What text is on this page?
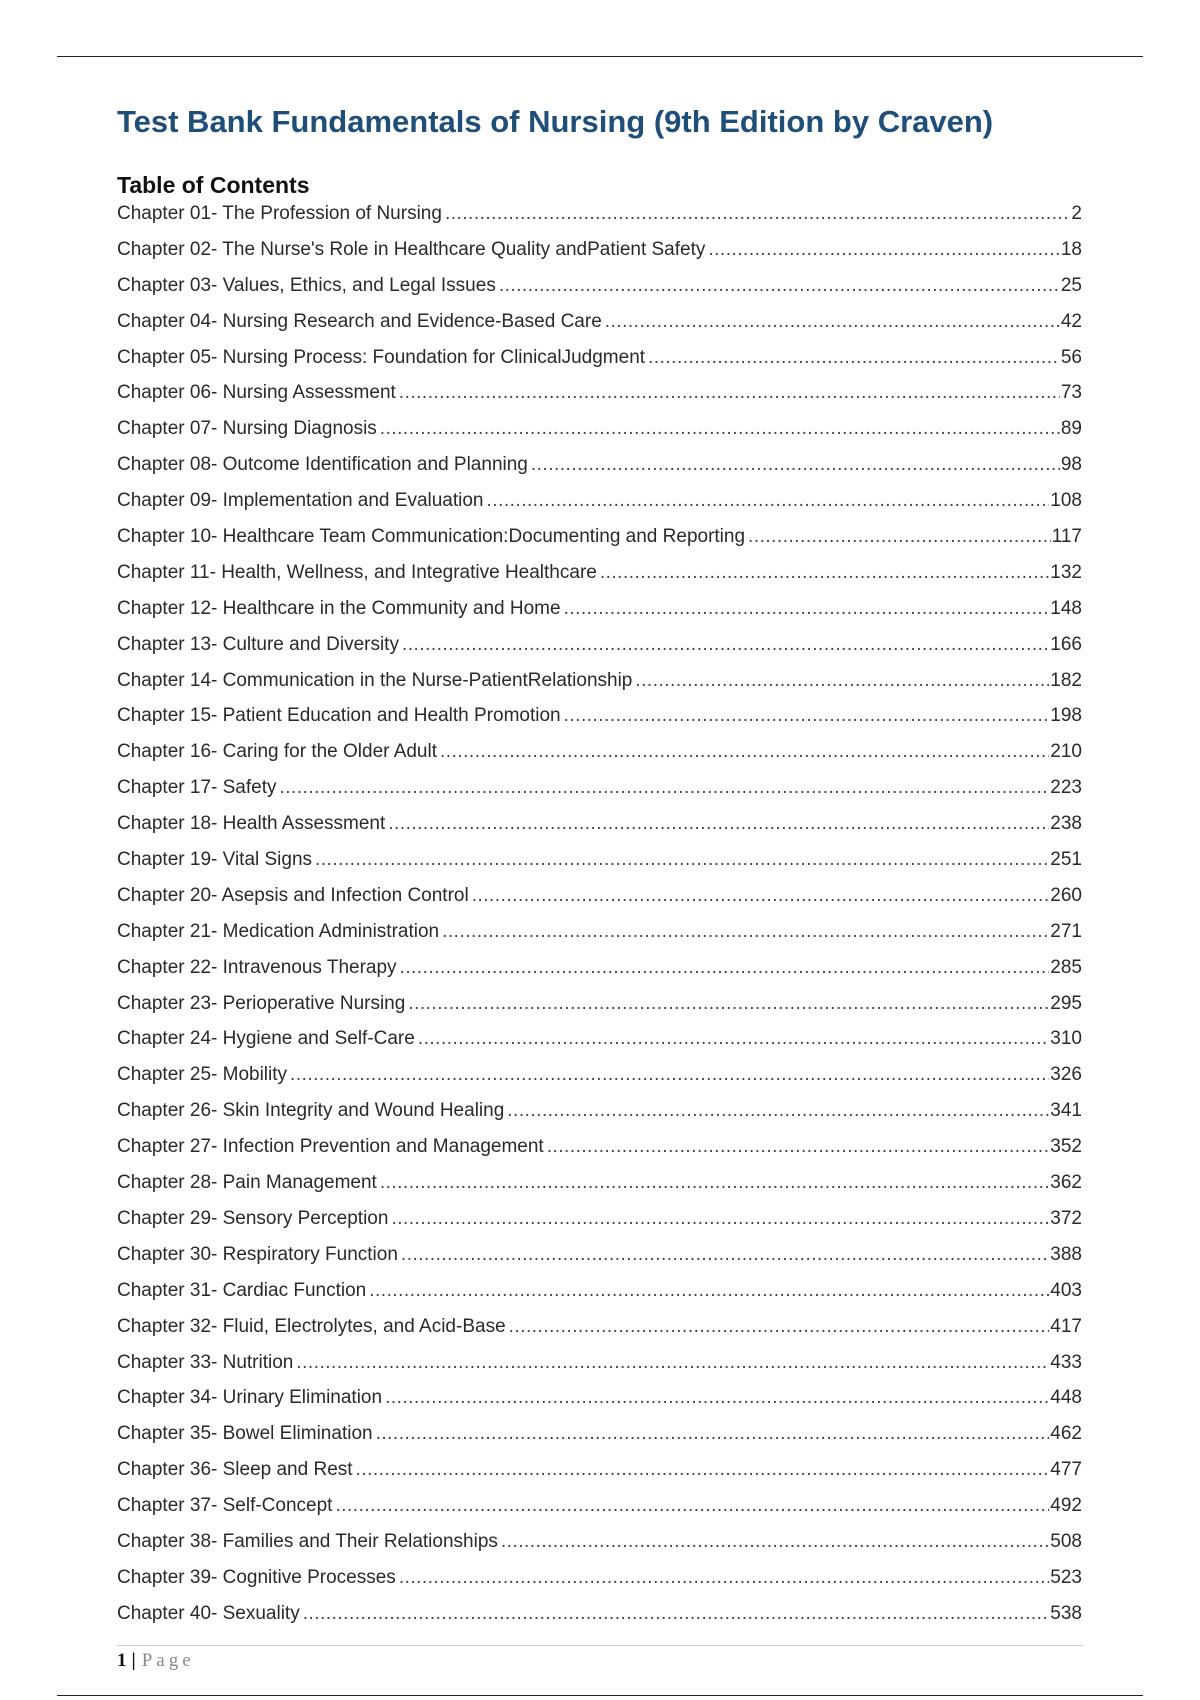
Test Bank Fundamentals of Nursing (9th Edition by Craven)
Table of Contents
Chapter 01- The Profession of Nursing .....	2
Chapter 02- The Nurse's Role in Healthcare Quality andPatient Safety .....	18
Chapter 03- Values, Ethics, and Legal Issues .....	25
Chapter 04- Nursing Research and Evidence-Based Care .....	42
Chapter 05- Nursing Process: Foundation for ClinicalJudgment .....	56
Chapter 06- Nursing Assessment .....	73
Chapter 07- Nursing Diagnosis .....	89
Chapter 08- Outcome Identification and Planning .....	98
Chapter 09- Implementation and Evaluation .....	108
Chapter 10- Healthcare Team Communication:Documenting and Reporting .....	117
Chapter 11- Health, Wellness, and Integrative Healthcare .....	132
Chapter 12- Healthcare in the Community and Home .....	148
Chapter 13- Culture and Diversity .....	166
Chapter 14- Communication in the Nurse-PatientRelationship .....	182
Chapter 15- Patient Education and Health Promotion .....	198
Chapter 16- Caring for the Older Adult .....	210
Chapter 17- Safety .....	223
Chapter 18- Health Assessment .....	238
Chapter 19- Vital Signs .....	251
Chapter 20- Asepsis and Infection Control .....	260
Chapter 21- Medication Administration .....	271
Chapter 22- Intravenous Therapy .....	285
Chapter 23- Perioperative Nursing .....	295
Chapter 24- Hygiene and Self-Care .....	310
Chapter 25- Mobility .....	326
Chapter 26- Skin Integrity and Wound Healing .....	341
Chapter 27- Infection Prevention and Management .....	352
Chapter 28- Pain Management .....	362
Chapter 29- Sensory Perception .....	372
Chapter 30- Respiratory Function .....	388
Chapter 31- Cardiac Function .....	403
Chapter 32- Fluid, Electrolytes, and Acid-Base .....	417
Chapter 33- Nutrition .....	433
Chapter 34- Urinary Elimination .....	448
Chapter 35- Bowel Elimination .....	462
Chapter 36- Sleep and Rest .....	477
Chapter 37- Self-Concept .....	492
Chapter 38- Families and Their Relationships .....	508
Chapter 39- Cognitive Processes .....	523
Chapter 40- Sexuality .....	538
1 | Page
